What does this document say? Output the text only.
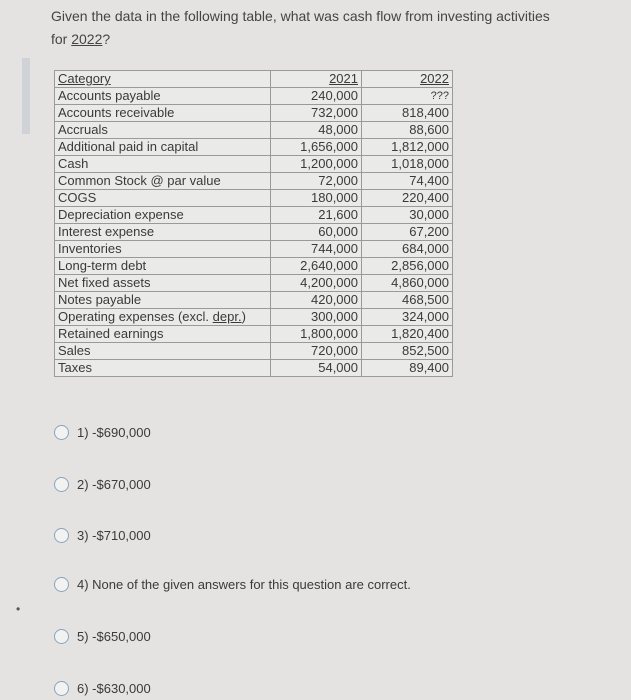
•
Given the data in the following table, what was cash flow from investing activities
for 2022?
Category	2021	2022
Accounts payable	240,000	???
Accounts receivable	732,000	818,400
Accruals	48,000	88,600
Additional paid in capital	1,656,000	1,812,000
Cash	1,200,000	1,018,000
Common Stock @ par value	72,000	74,400
COGS	180,000	220,400
Depreciation expense	21,600	30,000
Interest expense	60,000	67,200
Inventories	744,000	684,000
Long-term debt	2,640,000	2,856,000
Net fixed assets	4,200,000	4,860,000
Notes payable	420,000	468,500
Operating expenses (excl. depr.)	300,000	324,000
Retained earnings	1,800,000	1,820,400
Sales	720,000	852,500
Taxes	54,000	89,400
1) -$690,000
2) -$670,000
3) -$710,000
4) None of the given answers for this question are correct.
5) -$650,000
6) -$630,000
